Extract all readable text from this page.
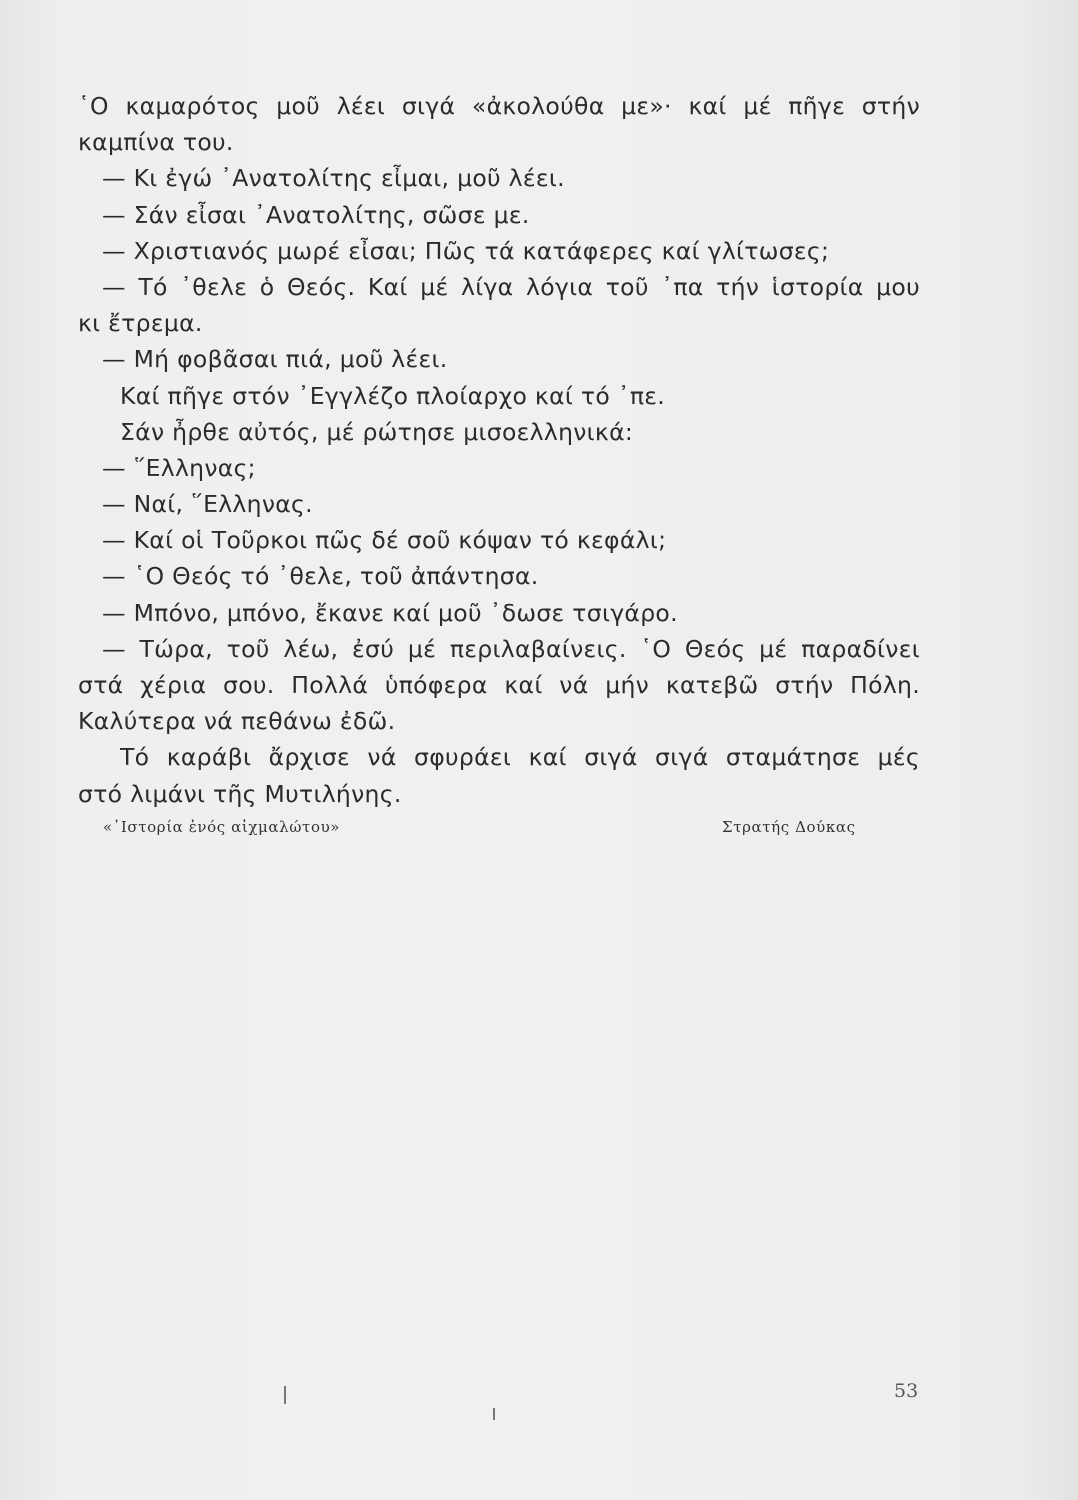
῾Ο καμαρότος μοῦ λέει σιγά «ἀκολούθα με»· καί μέ πῆγε στήν
καμπίνα του.
— Κι ἐγώ ᾿Ανατολίτης εἶμαι, μοῦ λέει.
— Σάν εἶσαι ᾿Ανατολίτης, σῶσε με.
— Χριστιανός μωρέ εἶσαι; Πῶς τά κατάφερες καί γλίτωσες;
— Τό ᾿θελε ὁ Θεός. Καί μέ λίγα λόγια τοῦ ᾿πα τήν ἱστορία μου
κι ἔτρεμα.
— Μή φοβᾶσαι πιά, μοῦ λέει.
Καί πῆγε στόν ᾿Εγγλέζο πλοίαρχο καί τό ᾿πε.
Σάν ἦρθε αὐτός, μέ ρώτησε μισοελληνικά:
— ῞Ελληνας;
— Ναί, ῞Ελληνας.
— Καί οἱ Τοῦρκοι πῶς δέ σοῦ κόψαν τό κεφάλι;
— ῾Ο Θεός τό ᾿θελε, τοῦ ἀπάντησα.
— Μπόνο, μπόνο, ἔκανε καί μοῦ ᾿δωσε τσιγάρο.
— Τώρα, τοῦ λέω, ἐσύ μέ περιλαβαίνεις. ῾Ο Θεός μέ παραδίνει
στά χέρια σου. Πολλά ὑπόφερα καί νά μήν κατεβῶ στήν Πόλη.
Καλύτερα νά πεθάνω ἐδῶ.
Τό καράβι ἄρχισε νά σφυράει καί σιγά σιγά σταμάτησε μές
στό λιμάνι τῆς Μυτιλήνης.
«᾿Ιστορία ἑνός αἰχμαλώτου»	Στρατής Δούκας
53
